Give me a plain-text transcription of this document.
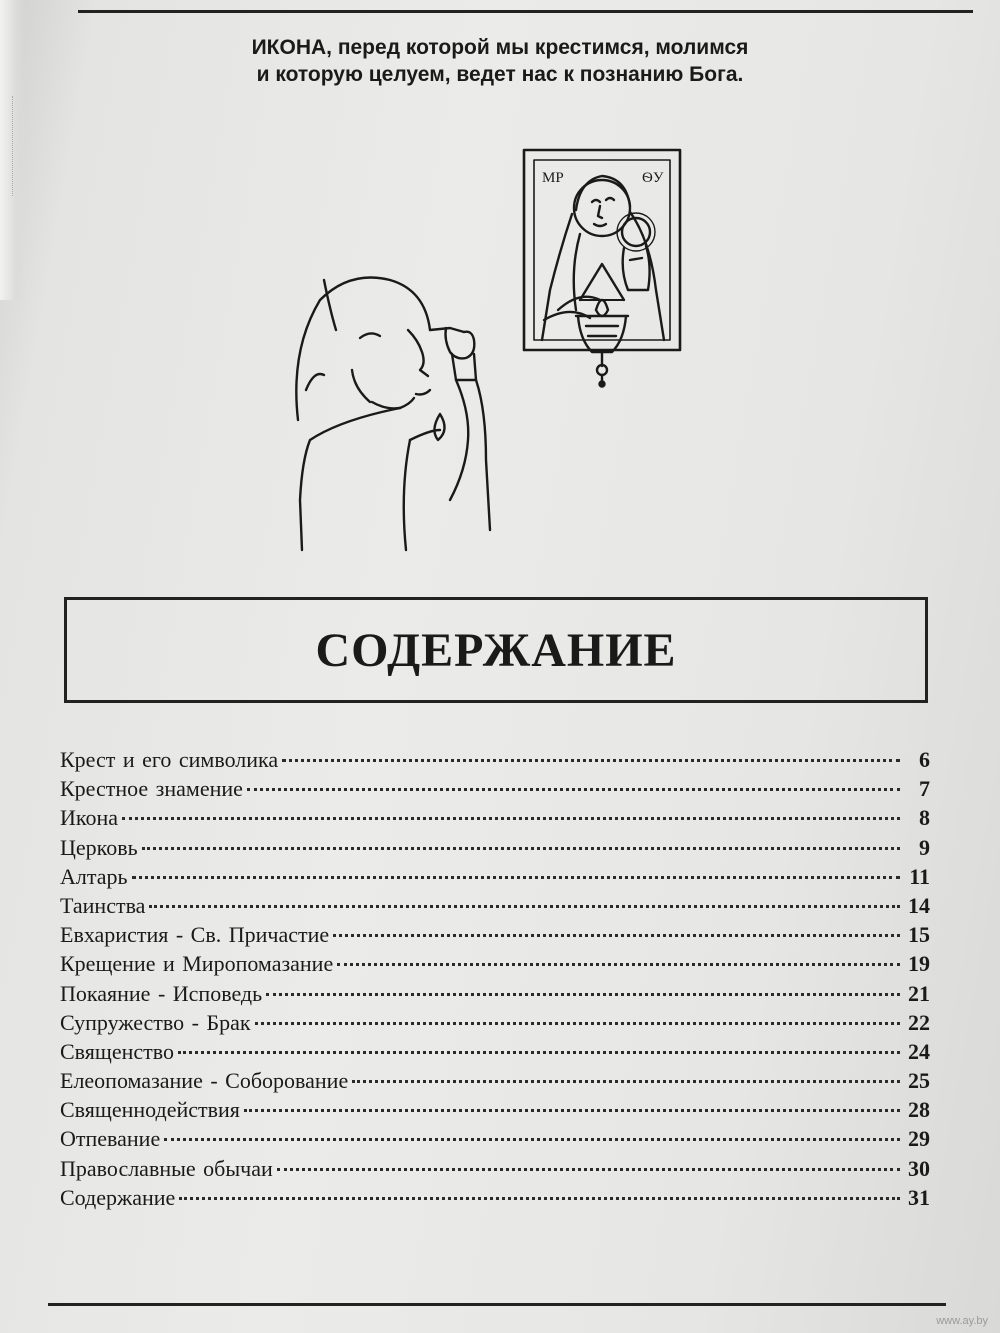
ИКОНА, перед которой мы крестимся, молимся
и которую целуем, ведет нас к познанию Бога.
МР	ѲУ
СОДЕРЖАНИЕ
Крест и его символика	6
Крестное знамение	7
Икона	8
Церковь	9
Алтарь	11
Таинства	14
Евхаристия - Св. Причастие	15
Крещение и Миропомазание	19
Покаяние - Исповедь	21
Супружество - Брак	22
Священство	24
Елеопомазание - Соборование	25
Священнодействия	28
Отпевание	29
Православные обычаи	30
Содержание	31
www.ay.by
